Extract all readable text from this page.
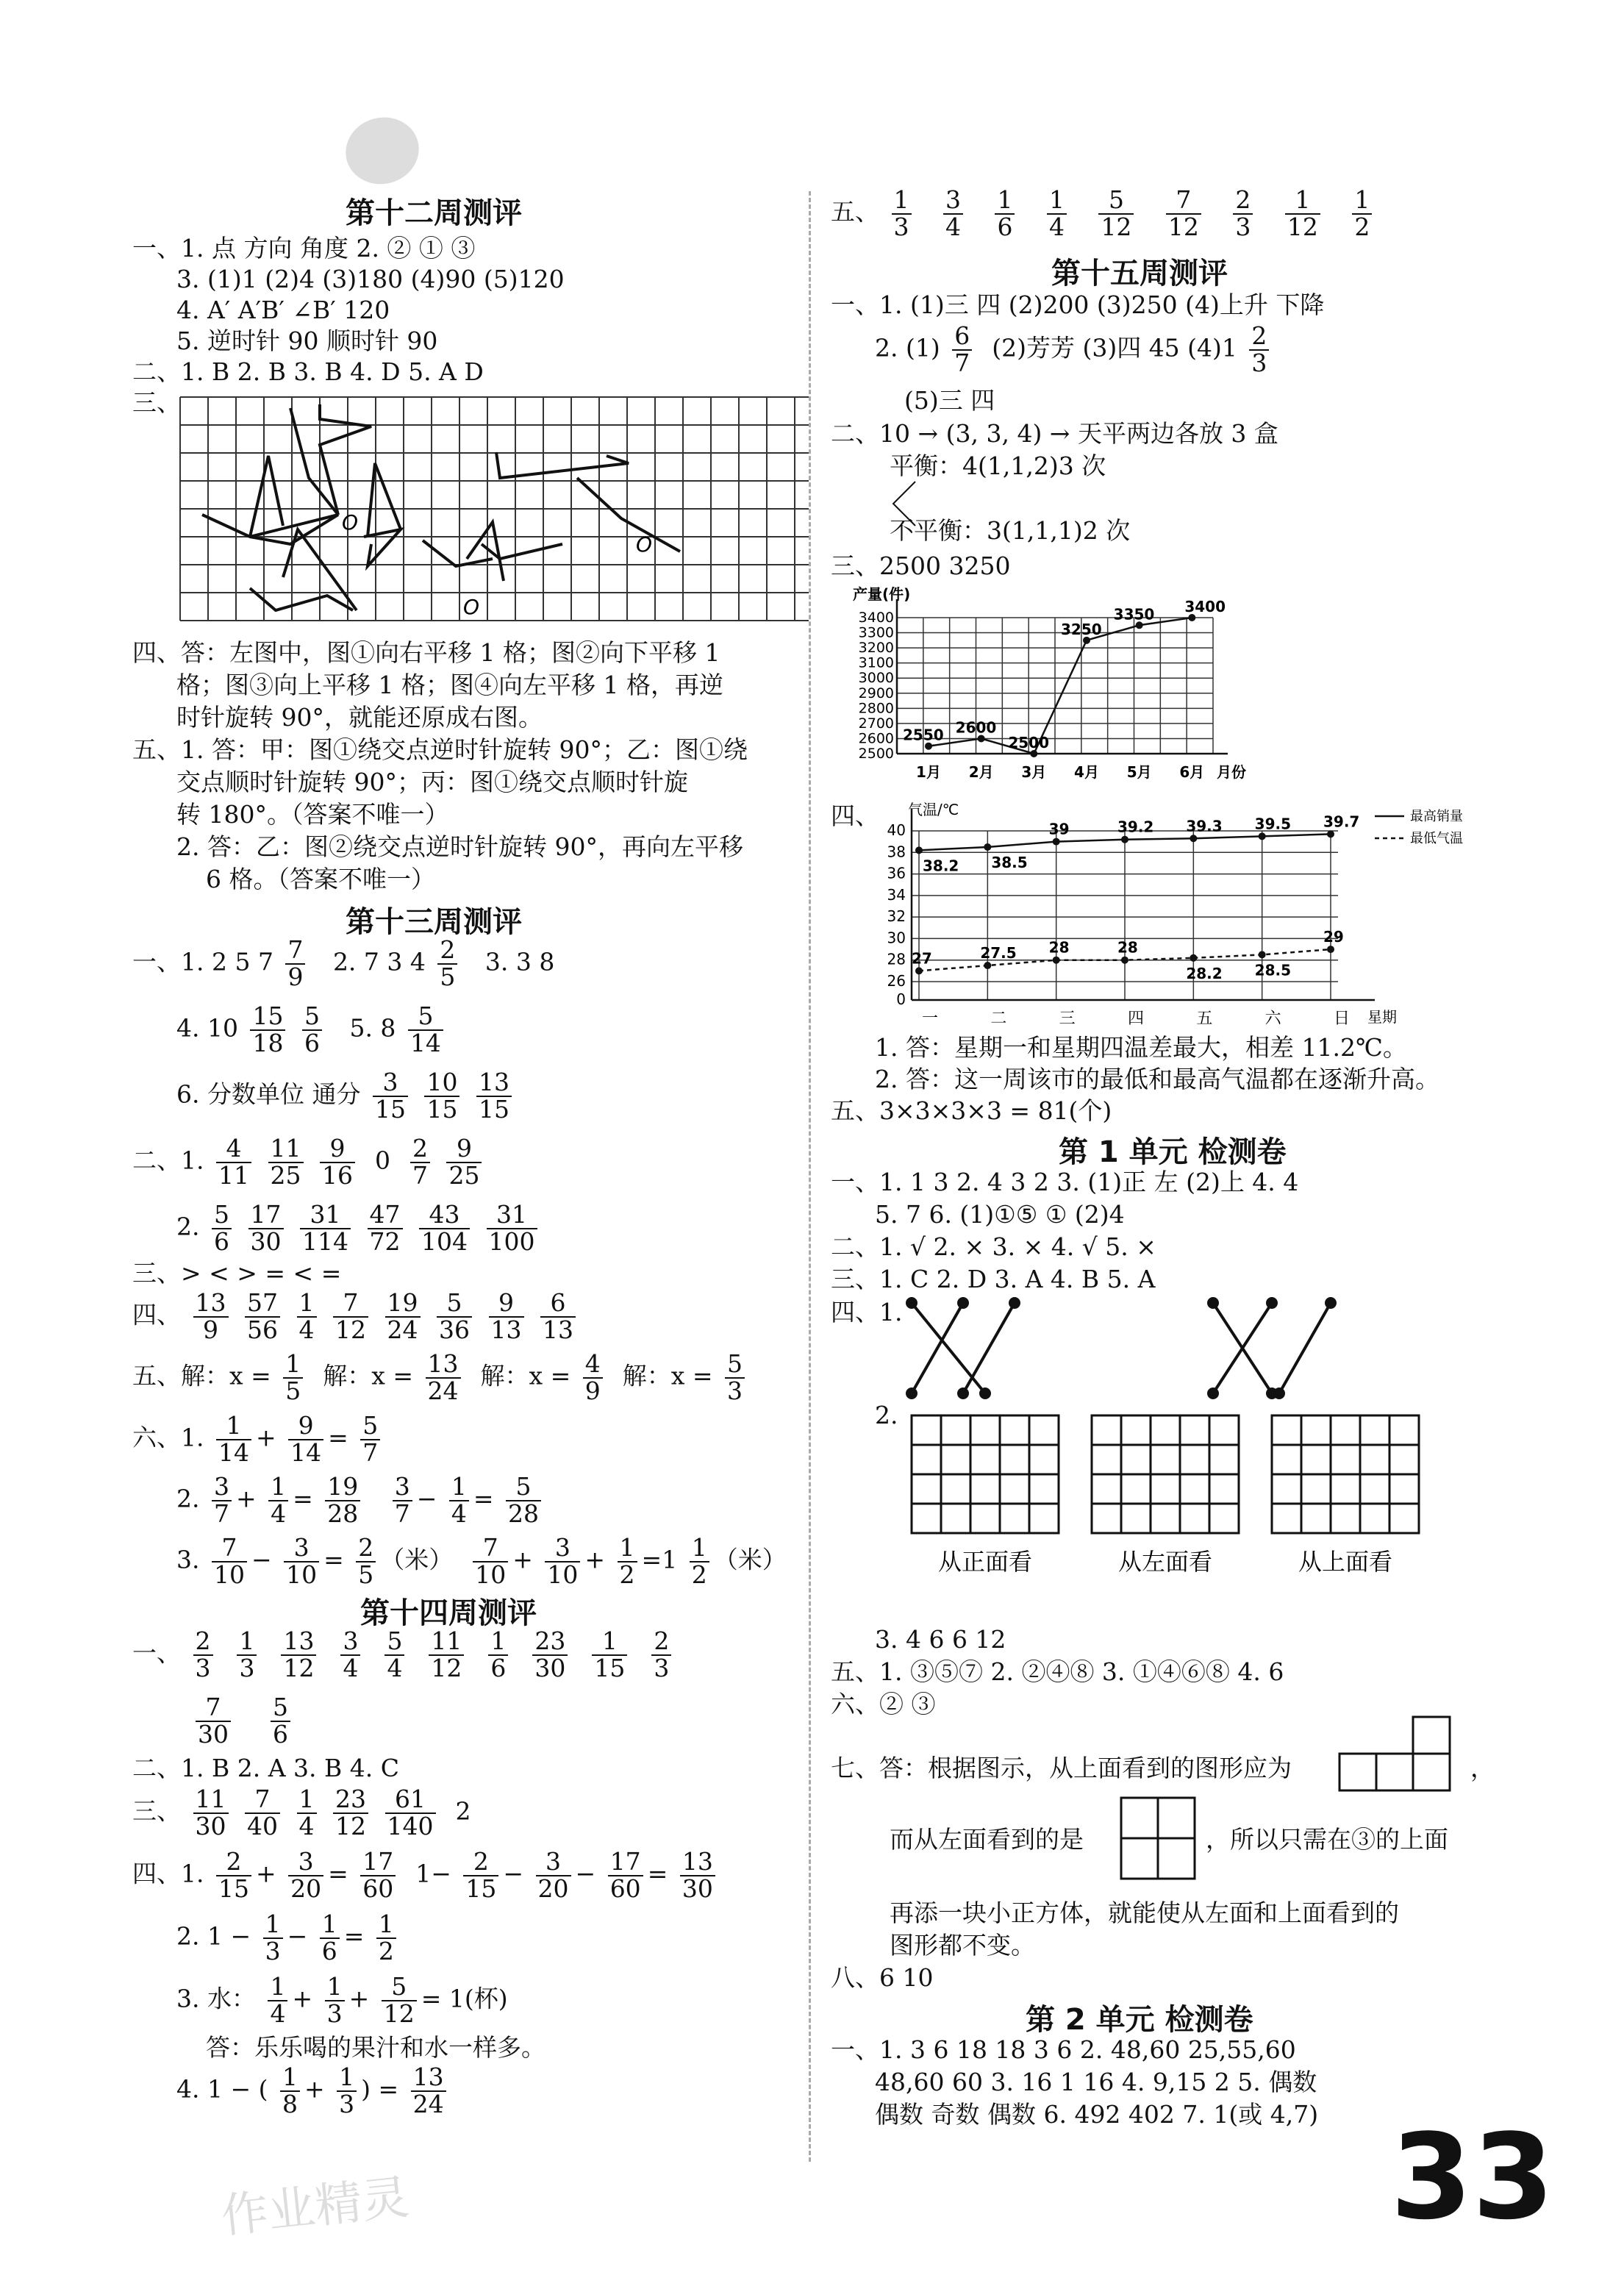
第十二周测评
一、1. 点 方向 角度 2. ② ① ③
3. (1)1 (2)4 (3)180 (4)90 (5)120
4. A′ A′B′ ∠B′ 120
5. 逆时针 90 顺时针 90
二、1. B 2. B 3. B 4. D 5. A D
三、
O
O
O
四、答：左图中，图①向右平移 1 格；图②向下平移 1
格；图③向上平移 1 格；图④向左平移 1 格，再逆
时针旋转 90°，就能还原成右图。
五、1. 答：甲：图①绕交点逆时针旋转 90°；乙：图①绕
交点顺时针旋转 90°；丙：图①绕交点顺时针旋
转 180°。（答案不唯一）
2. 答：乙：图②绕交点逆时针旋转 90°，再向左平移
6 格。（答案不唯一）
第十三周测评
一、1. 2 5 $7 \frac{7}{9} 2$. 7 3 $4 \frac{2}{5} 3$. 3 8
4. $10 \frac{15}{18}$
$\frac{5}{6} 5$. $8 \frac{5}{14}$
6. 分数单位 通分 $\frac{3}{15}$
$\frac{10}{15}$
$\frac{13}{15}$
二、1. $\frac{4}{11}$
$\frac{11}{25}$
$\frac{9}{16} 0 \frac{2}{7}$
$\frac{9}{25}$
2. $\frac{5}{6}$
$\frac{17}{30}$
$\frac{31}{114}$
$\frac{47}{72}$
$\frac{43}{104}$
$\frac{31}{100}$
三、> < > = < =
四、 $\frac{13}{9}$
$\frac{57}{56}$
$\frac{1}{4}$
$\frac{7}{12}$
$\frac{19}{24}$
$\frac{5}{36}$
$\frac{9}{13}$
$\frac{6}{13}$
五、解：$x = \frac{1}{5}$ 解：$x = \frac{13}{24}$ 解：$x = \frac{4}{9}$ 解：$x = \frac{5}{3}$
六、1. $\frac{1}{14} + \frac{9}{14} = \frac{5}{7}$
2. $\frac{3}{7} + \frac{1}{4} = \frac{19}{28}$
$\frac{3}{7} - \frac{1}{4} = \frac{5}{28}$
3. $\frac{7}{10} - \frac{3}{10} = \frac{2}{5}$ （米） $\frac{7}{10} + \frac{3}{10} + \frac{1}{2} =1 \frac{1}{2}$ （米）
第十四周测评
一、 $\frac{2}{3}$
$\frac{1}{3}$
$\frac{13}{12}$
$\frac{3}{4}$
$\frac{5}{4}$
$\frac{11}{12}$
$\frac{1}{6}$
$\frac{23}{30}$
$\frac{1}{15}$
$\frac{2}{3}$
$\frac{7}{30}$
$\frac{5}{6}$
二、1. B 2. A 3. B 4. C
三、 $\frac{11}{30}$
$\frac{7}{40}$
$\frac{1}{4}$
$\frac{23}{12}$
$\frac{61}{140} 2$
四、1. $\frac{2}{15} + \frac{3}{20} = \frac{17}{60} 1- \frac{2}{15} - \frac{3}{20} - \frac{17}{60} = \frac{13}{30}$
2. $1 - \frac{1}{3} - \frac{1}{6} = \frac{1}{2}$
3. 水： $\frac{1}{4} + \frac{1}{3} + \frac{5}{12} = 1$(杯)
答：乐乐喝的果汁和水一样多。
4. 1 − ( $\frac{1}{8} + \frac{1}{3}$ ) = $\frac{13}{24}$
五、 $\frac{1}{3}$
$\frac{3}{4}$
$\frac{1}{6}$
$\frac{1}{4}$
$\frac{5}{12}$
$\frac{7}{12}$
$\frac{2}{3}$
$\frac{1}{12}$
$\frac{1}{2}$
第十五周测评
一、1. (1)三 四 (2)200 (3)250 (4)上升 下降
2. $(1) \frac{6}{7} (2)$芳芳 (3)四 45 $(4)1 \frac{2}{3}$
(5)三 四
二、10 → (3, 3, 4) → 天平两边各放 3 盒
平衡：4(1,1,2)3 次
不平衡：3(1,1,1)2 次
三、2500 3250
2500
2600
2700
2800
2900
3000
3100
3200
3300
3400
产量(件)
月份
1月 2月 3月 4月 5月 6月
2550 2600
2500
3250
3350 3400
四、
0
26
28
30
32
34
36
38
40
气温/℃
星期
一	二	三	四	五	六	日
38.2 38.5
39	39.2 39.3 39.5 39.7
27	27.5 28	28
28.2 28.5
29
最高销量
最低气温
1. 答：星期一和星期四温差最大，相差 11.2℃。
2. 答：这一周该市的最低和最高气温都在逐渐升高。
五、3×3×3×3 = 81(个)
第 1 单元 检测卷
一、1. 1 3 2. 4 3 2 3. (1)正 左 (2)上 4. 4
5. 7 6. (1)①⑤ ① (2)4
二、1. √ 2. × 3. × 4. √ 5. ×
三、1. C 2. D 3. A 4. B 5. A
四、1.
2.
从正面看	从左面看	从上面看
3. 4 6 6 12
五、1. ③⑤⑦ 2. ②④⑧ 3. ①④⑥⑧ 4. 6
六、② ③
七、答：根据图示，从上面看到的图形应为	，
而从左面看到的是	，所以只需在③的上面
再添一块小正方体，就能使从左面和上面看到的
图形都不变。
八、6 10
第 2 单元 检测卷
一、1. 3 6 18 18 3 6 2. 48,60 25,55,60
48,60 60 3. 16 1 16 4. 9,15 2 5. 偶数
偶数 奇数 偶数 6. 492 402 7. 1(或 4,7) 33
作业精灵
